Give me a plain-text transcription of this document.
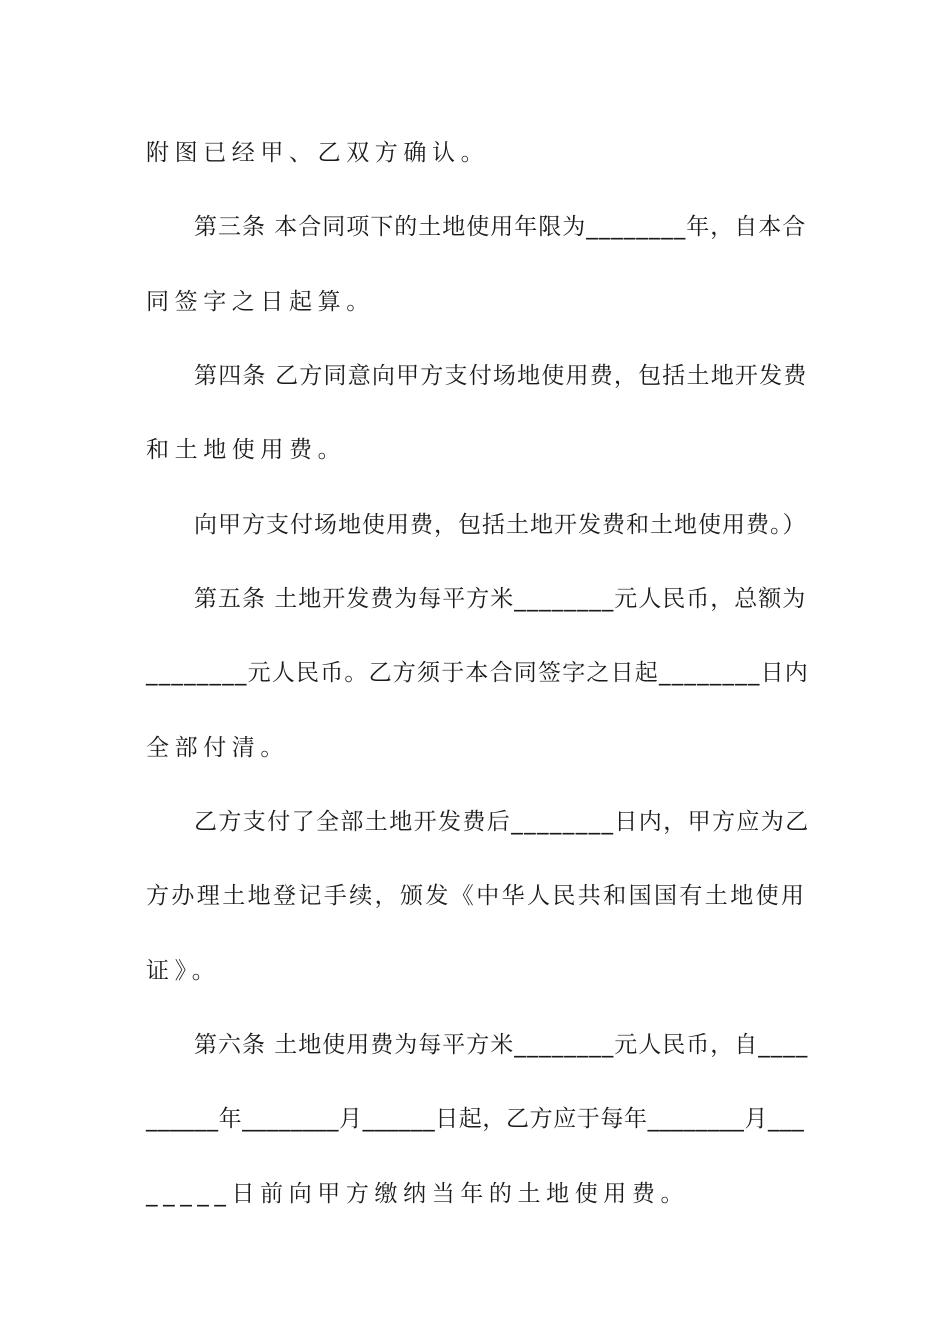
附图已经甲、乙双方确认。
第三条 本合同项下的土地使用年限为________年，自本合
同签字之日起算。
第四条 乙方同意向甲方支付场地使用费，包括土地开发费
和土地使用费。
向甲方支付场地使用费，包括土地开发费和土地使用费。）
第五条 土地开发费为每平方米________元人民币，总额为
________元人民币。乙方须于本合同签字之日起________日内
全部付清。
乙方支付了全部土地开发费后________日内，甲方应为乙
方办理土地登记手续，颁发《中华人民共和国国有土地使用
证》。
第六条 土地使用费为每平方米________元人民币，自____
______年________月______日起，乙方应于每年________月___
_____日前向甲方缴纳当年的土地使用费。
